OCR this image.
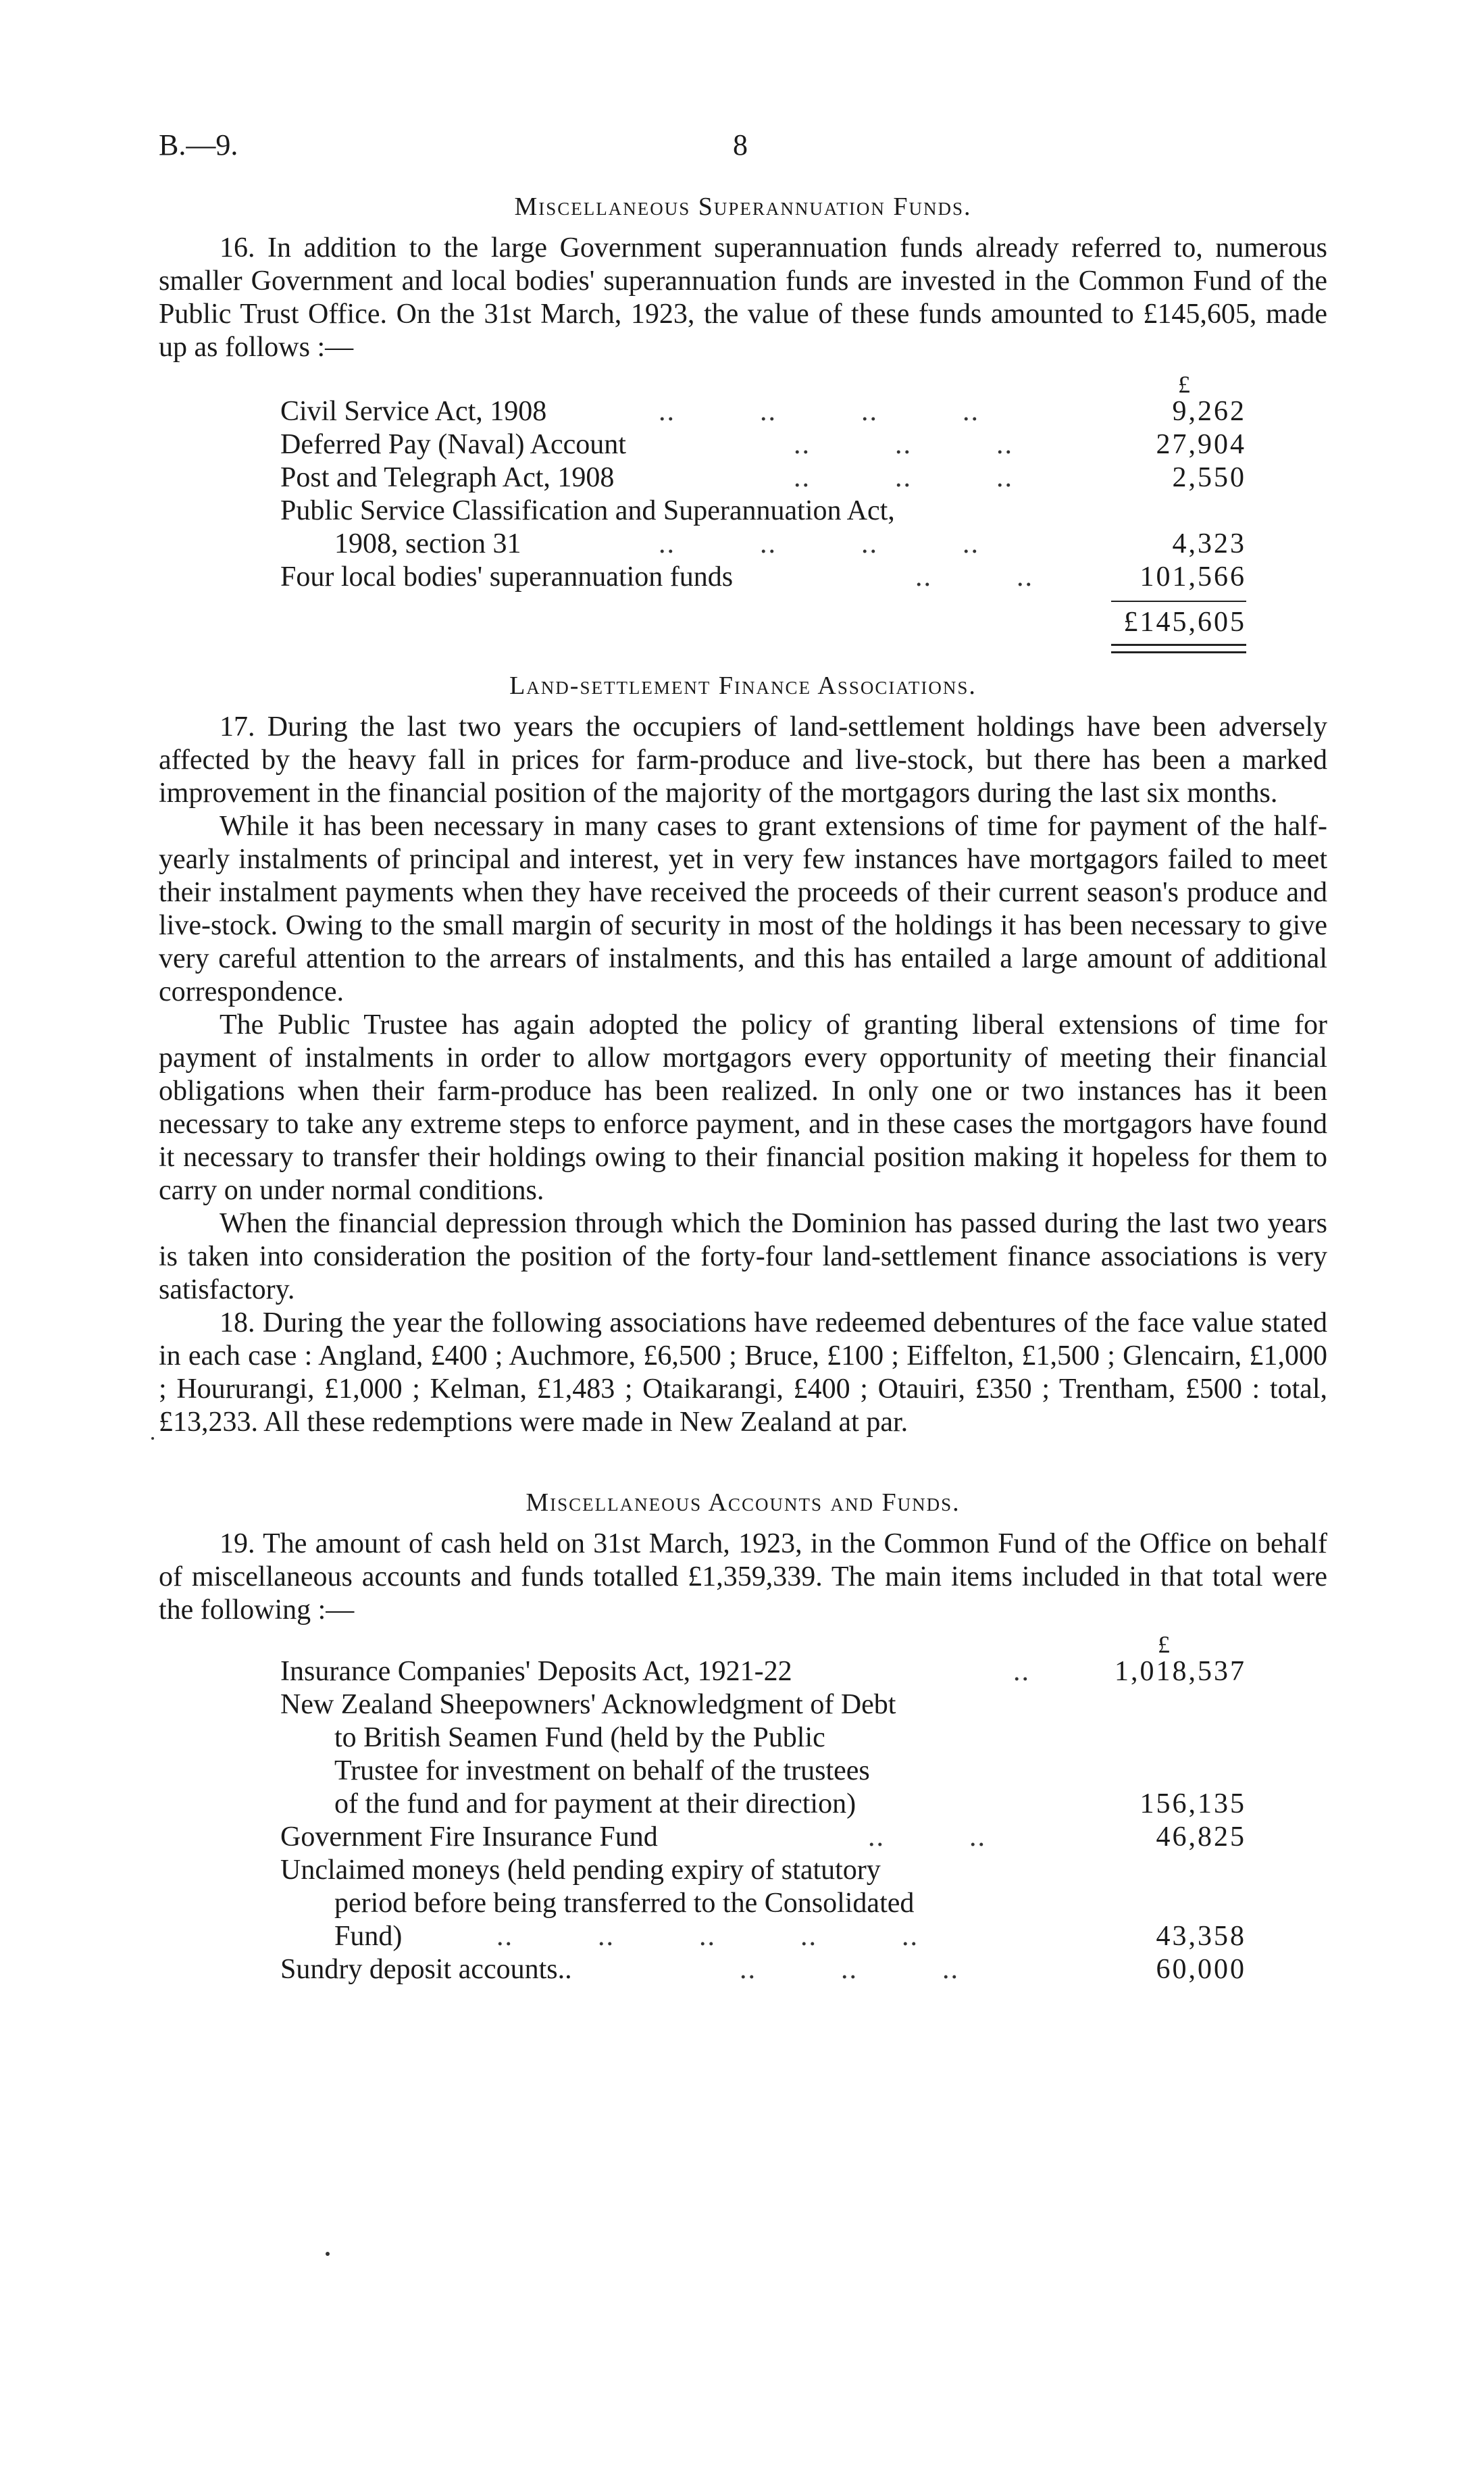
B.—9.	8
Miscellaneous Superannuation Funds.

16. In addition to the large Government superannuation funds already referred to, numerous smaller Government and local bodies' superannuation funds are invested in the Common Fund of the Public Trust Office. On the 31st March, 1923, the value of these funds amounted to £145,605, made up as follows :—

£
Civil Service Act, 1908	..          ..          ..          ..	9,262
Deferred Pay (Naval) Account	..          ..          ..	27,904
Post and Telegraph Act, 1908	..          ..          ..	2,550
Public Service Classification and Superannuation Act,
1908, section 31	..          ..          ..          ..	4,323
Four local bodies' superannuation funds	..          ..	101,566
£145,605
Land-settlement Finance Associations.

17. During the last two years the occupiers of land-settlement holdings have been adversely affected by the heavy fall in prices for farm-produce and live-stock, but there has been a marked improvement in the financial position of the majority of the mortgagors during the last six months.

While it has been necessary in many cases to grant extensions of time for payment of the half-yearly instalments of principal and interest, yet in very few instances have mortgagors failed to meet their instalment payments when they have received the proceeds of their current season's produce and live-stock. Owing to the small margin of security in most of the holdings it has been necessary to give very careful attention to the arrears of instalments, and this has entailed a large amount of additional correspondence.

The Public Trustee has again adopted the policy of granting liberal extensions of time for payment of instalments in order to allow mortgagors every opportunity of meeting their financial obligations when their farm-produce has been realized. In only one or two instances has it been necessary to take any extreme steps to enforce payment, and in these cases the mortgagors have found it necessary to transfer their holdings owing to their financial position making it hopeless for them to carry on under normal conditions.

When the financial depression through which the Dominion has passed during the last two years is taken into consideration the position of the forty-four land-settlement finance associations is very satisfactory.

18. During the year the following associations have redeemed debentures of the face value stated in each case : Angland, £400 ; Auchmore, £6,500 ; Bruce, £100 ; Eiffelton, £1,500 ; Glencairn, £1,000 ; Hoururangi, £1,000 ; Kelman, £1,483 ; Otaikarangi, £400 ; Otauiri, £350 ; Trentham, £500 : total, £13,233. All these redemptions were made in New Zealand at par.

Miscellaneous Accounts and Funds.

19. The amount of cash held on 31st March, 1923, in the Common Fund of the Office on behalf of miscellaneous accounts and funds totalled £1,359,339. The main items included in that total were the following :—

£
Insurance Companies' Deposits Act, 1921-22	..	1,018,537
New Zealand Sheepowners' Acknowledgment of Debt
to British Seamen Fund (held by the Public
Trustee for investment on behalf of the trustees
of the fund and for payment at their direction)	156,135
Government Fire Insurance Fund	..          ..	46,825
Unclaimed moneys (held pending expiry of statutory
period before being transferred to the Consolidated
Fund)	..          ..          ..          ..          ..	43,358
Sundry deposit accounts..	..          ..          ..	60,000
